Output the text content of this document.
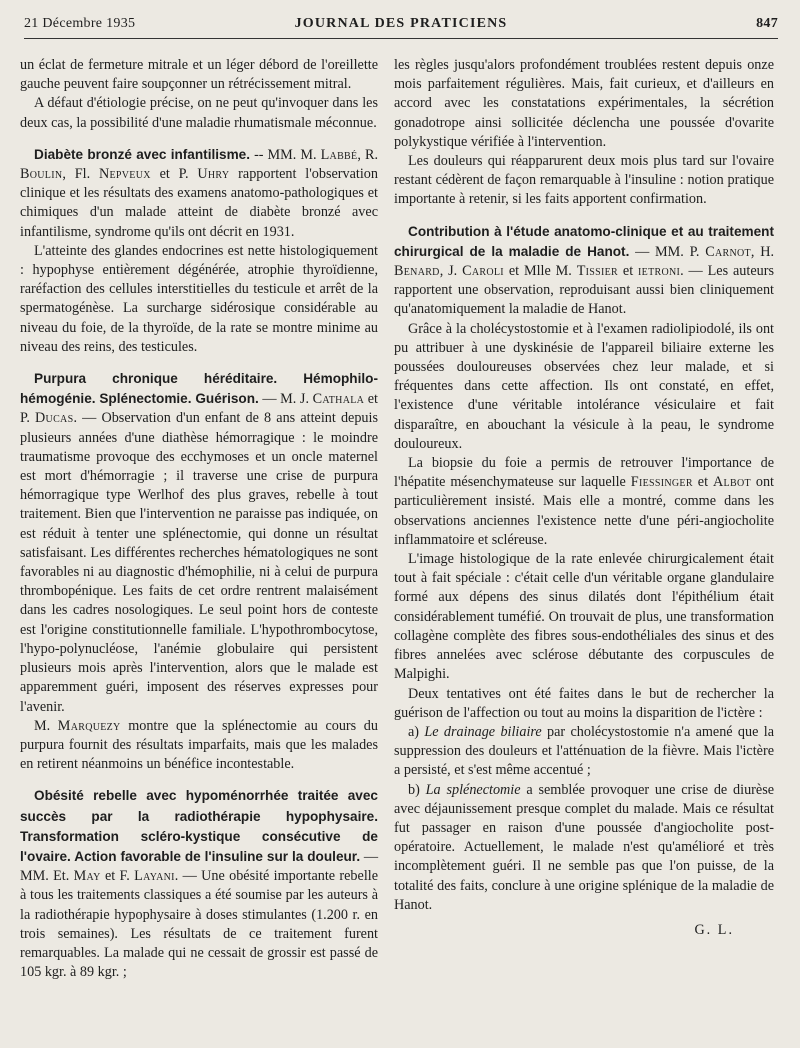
21 Décembre 1935	JOURNAL DES PRATICIENS	847

un éclat de fermeture mitrale et un léger débord de l'oreillette gauche peuvent faire soupçonner un rétrécissement mitral.

A défaut d'étiologie précise, on ne peut qu'invoquer dans les deux cas, la possibilité d'une maladie rhumatismale méconnue.

Diabète bronzé avec infantilisme. -- MM. M. Labbé, R. Boulin, Fl. Nepveux et P. Uhry rapportent l'observation clinique et les résultats des examens anatomo-pathologiques et chimiques d'un malade atteint de diabète bronzé avec infantilisme, syndrome qu'ils ont décrit en 1931.

L'atteinte des glandes endocrines est nette histologiquement : hypophyse entièrement dégénérée, atrophie thyroïdienne, raréfaction des cellules interstitielles du testicule et arrêt de la spermatogénèse. La surcharge sidérosique considérable au niveau du foie, de la thyroïde, de la rate se montre minime au niveau des reins, des testicules.

Purpura chronique héréditaire. Hémophilo-hémogénie. Splénectomie. Guérison. — M. J. Cathala et P. Ducas. — Observation d'un enfant de 8 ans atteint depuis plusieurs années d'une diathèse hémorragique : le moindre traumatisme provoque des ecchymoses et un oncle maternel est mort d'hémorragie ; il traverse une crise de purpura hémorragique type Werlhof des plus graves, rebelle à tout traitement. Bien que l'intervention ne paraisse pas indiquée, on est réduit à tenter une splénectomie, qui donne un résultat satisfaisant. Les différentes recherches hématologiques ne sont favorables ni au diagnostic d'hémophilie, ni à celui de purpura thrombopénique. Les faits de cet ordre rentrent malaisément dans les cadres nosologiques. Le seul point hors de conteste est l'origine constitutionnelle familiale. L'hypothrombocytose, l'hypo-polynucléose, l'anémie globulaire qui persistent plusieurs mois après l'intervention, alors que le malade est apparemment guéri, imposent des réserves expresses pour l'avenir.

M. Marquezy montre que la splénectomie au cours du purpura fournit des résultats imparfaits, mais que les malades en retirent néanmoins un bénéfice incontestable.

Obésité rebelle avec hypoménorrhée traitée avec succès par la radiothérapie hypophysaire. Transformation scléro-kystique consécutive de l'ovaire. Action favorable de l'insuline sur la douleur. — MM. Et. May et F. Layani. — Une obésité importante rebelle à tous les traitements classiques a été soumise par les auteurs à la radiothérapie hypophysaire à doses stimulantes (1.200 r. en trois semaines). Les résultats de ce traitement furent remarquables. La malade qui ne cessait de grossir est passé de 105 kgr. à 89 kgr. ;

les règles jusqu'alors profondément troublées restent depuis onze mois parfaitement régulières. Mais, fait curieux, et d'ailleurs en accord avec les constatations expérimentales, la sécrétion gonadotrope ainsi sollicitée déclencha une poussée d'ovarite polykystique vérifiée à l'intervention.

Les douleurs qui réapparurent deux mois plus tard sur l'ovaire restant cédèrent de façon remarquable à l'insuline : notion pratique importante à retenir, si les faits apportent confirmation.

Contribution à l'étude anatomo-clinique et au traitement chirurgical de la maladie de Hanot. — MM. P. Carnot, H. Benard, J. Caroli et Mlle M. Tissier et ietroni. — Les auteurs rapportent une observation, reproduisant aussi bien cliniquement qu'anatomiquement la maladie de Hanot.

Grâce à la cholécystostomie et à l'examen radiolipiodolé, ils ont pu attribuer à une dyskinésie de l'appareil biliaire externe les poussées douloureuses observées chez leur malade, et si fréquentes dans cette affection. Ils ont constaté, en effet, l'existence d'une véritable intolérance vésiculaire et fait disparaître, en abouchant la vésicule à la peau, le syndrome douloureux.

La biopsie du foie a permis de retrouver l'importance de l'hépatite mésenchymateuse sur laquelle Fiessinger et Albot ont particulièrement insisté. Mais elle a montré, comme dans les observations anciennes l'existence nette d'une péri-angiocholite inflammatoire et scléreuse.

L'image histologique de la rate enlevée chirurgicalement était tout à fait spéciale : c'était celle d'un véritable organe glandulaire formé aux dépens des sinus dilatés dont l'épithélium était considérablement tuméfié. On trouvait de plus, une transformation collagène complète des fibres sous-endothéliales des sinus et des fibres annelées avec sclérose débutante des corpuscules de Malpighi.

Deux tentatives ont été faites dans le but de rechercher la guérison de l'affection ou tout au moins la disparition de l'ictère :

a) Le drainage biliaire par cholécystostomie n'a amené que la suppression des douleurs et l'atténuation de la fièvre. Mais l'ictère a persisté, et s'est même accentué ;

b) La splénectomie a semblée provoquer une crise de diurèse avec déjaunissement presque complet du malade. Mais ce résultat fut passager en raison d'une poussée d'angiocholite post-opératoire. Actuellement, le malade n'est qu'amélioré et très incomplètement guéri. Il ne semble pas que l'on puisse, de la totalité des faits, conclure à une origine splénique de la maladie de Hanot.

G. L.
